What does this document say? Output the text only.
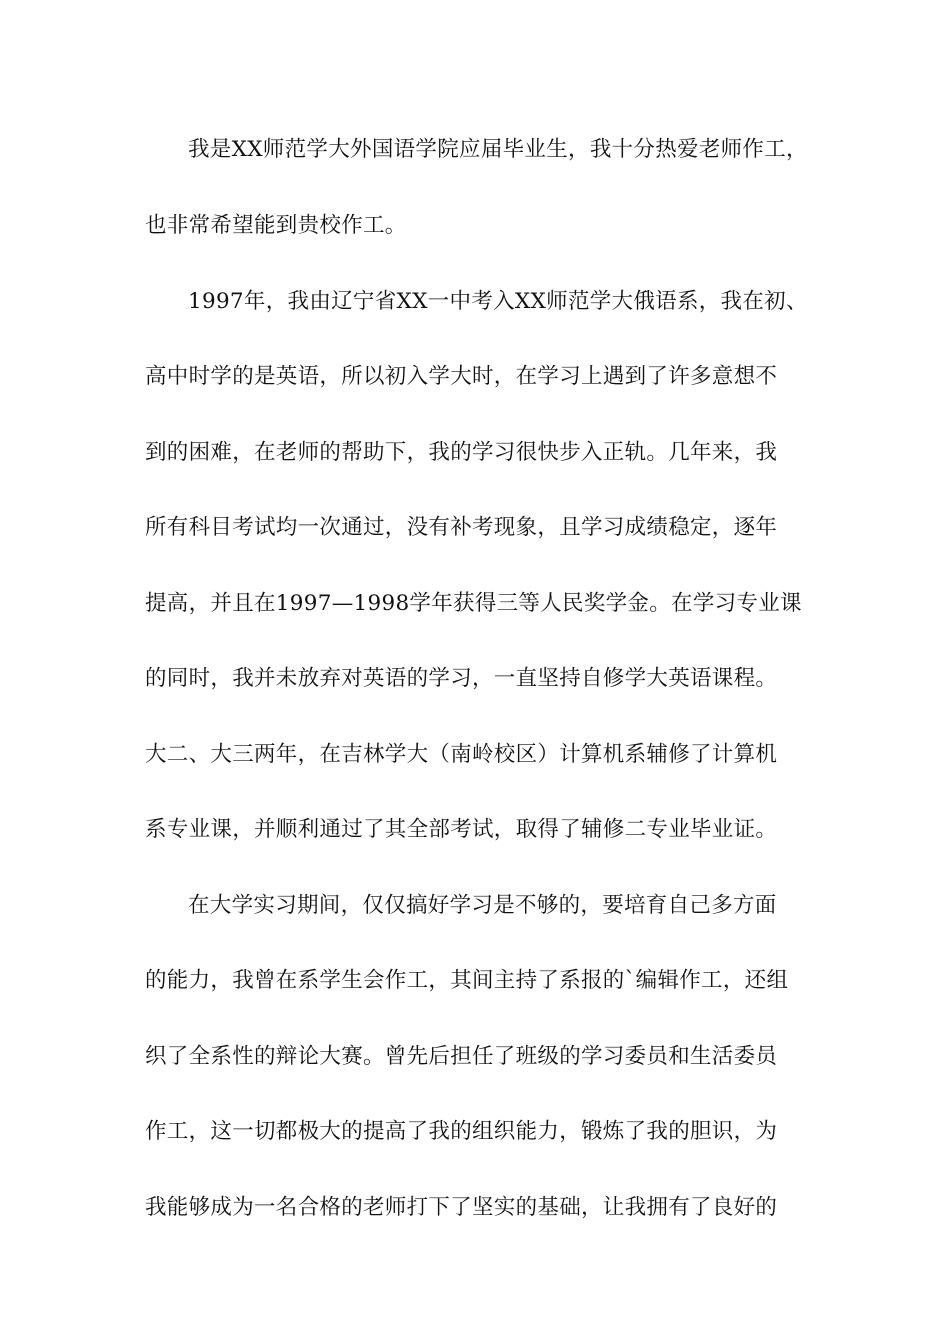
我是XX师范学大外国语学院应届毕业生，我十分热爱老师作工，
也非常希望能到贵校作工。
1997年，我由辽宁省XX一中考入XX师范学大俄语系，我在初、
高中时学的是英语，所以初入学大时，在学习上遇到了许多意想不
到的困难，在老师的帮助下，我的学习很快步入正轨。几年来，我
所有科目考试均一次通过，没有补考现象，且学习成绩稳定，逐年
提高，并且在1997—1998学年获得三等人民奖学金。在学习专业课
的同时，我并未放弃对英语的学习，一直坚持自修学大英语课程。
大二、大三两年，在吉林学大（南岭校区）计算机系辅修了计算机
系专业课，并顺利通过了其全部考试，取得了辅修二专业毕业证。
在大学实习期间，仅仅搞好学习是不够的，要培育自己多方面
的能力，我曾在系学生会作工，其间主持了系报的`编辑作工，还组
织了全系性的辩论大赛。曾先后担任了班级的学习委员和生活委员
作工，这一切都极大的提高了我的组织能力，锻炼了我的胆识，为
我能够成为一名合格的老师打下了坚实的基础，让我拥有了良好的
